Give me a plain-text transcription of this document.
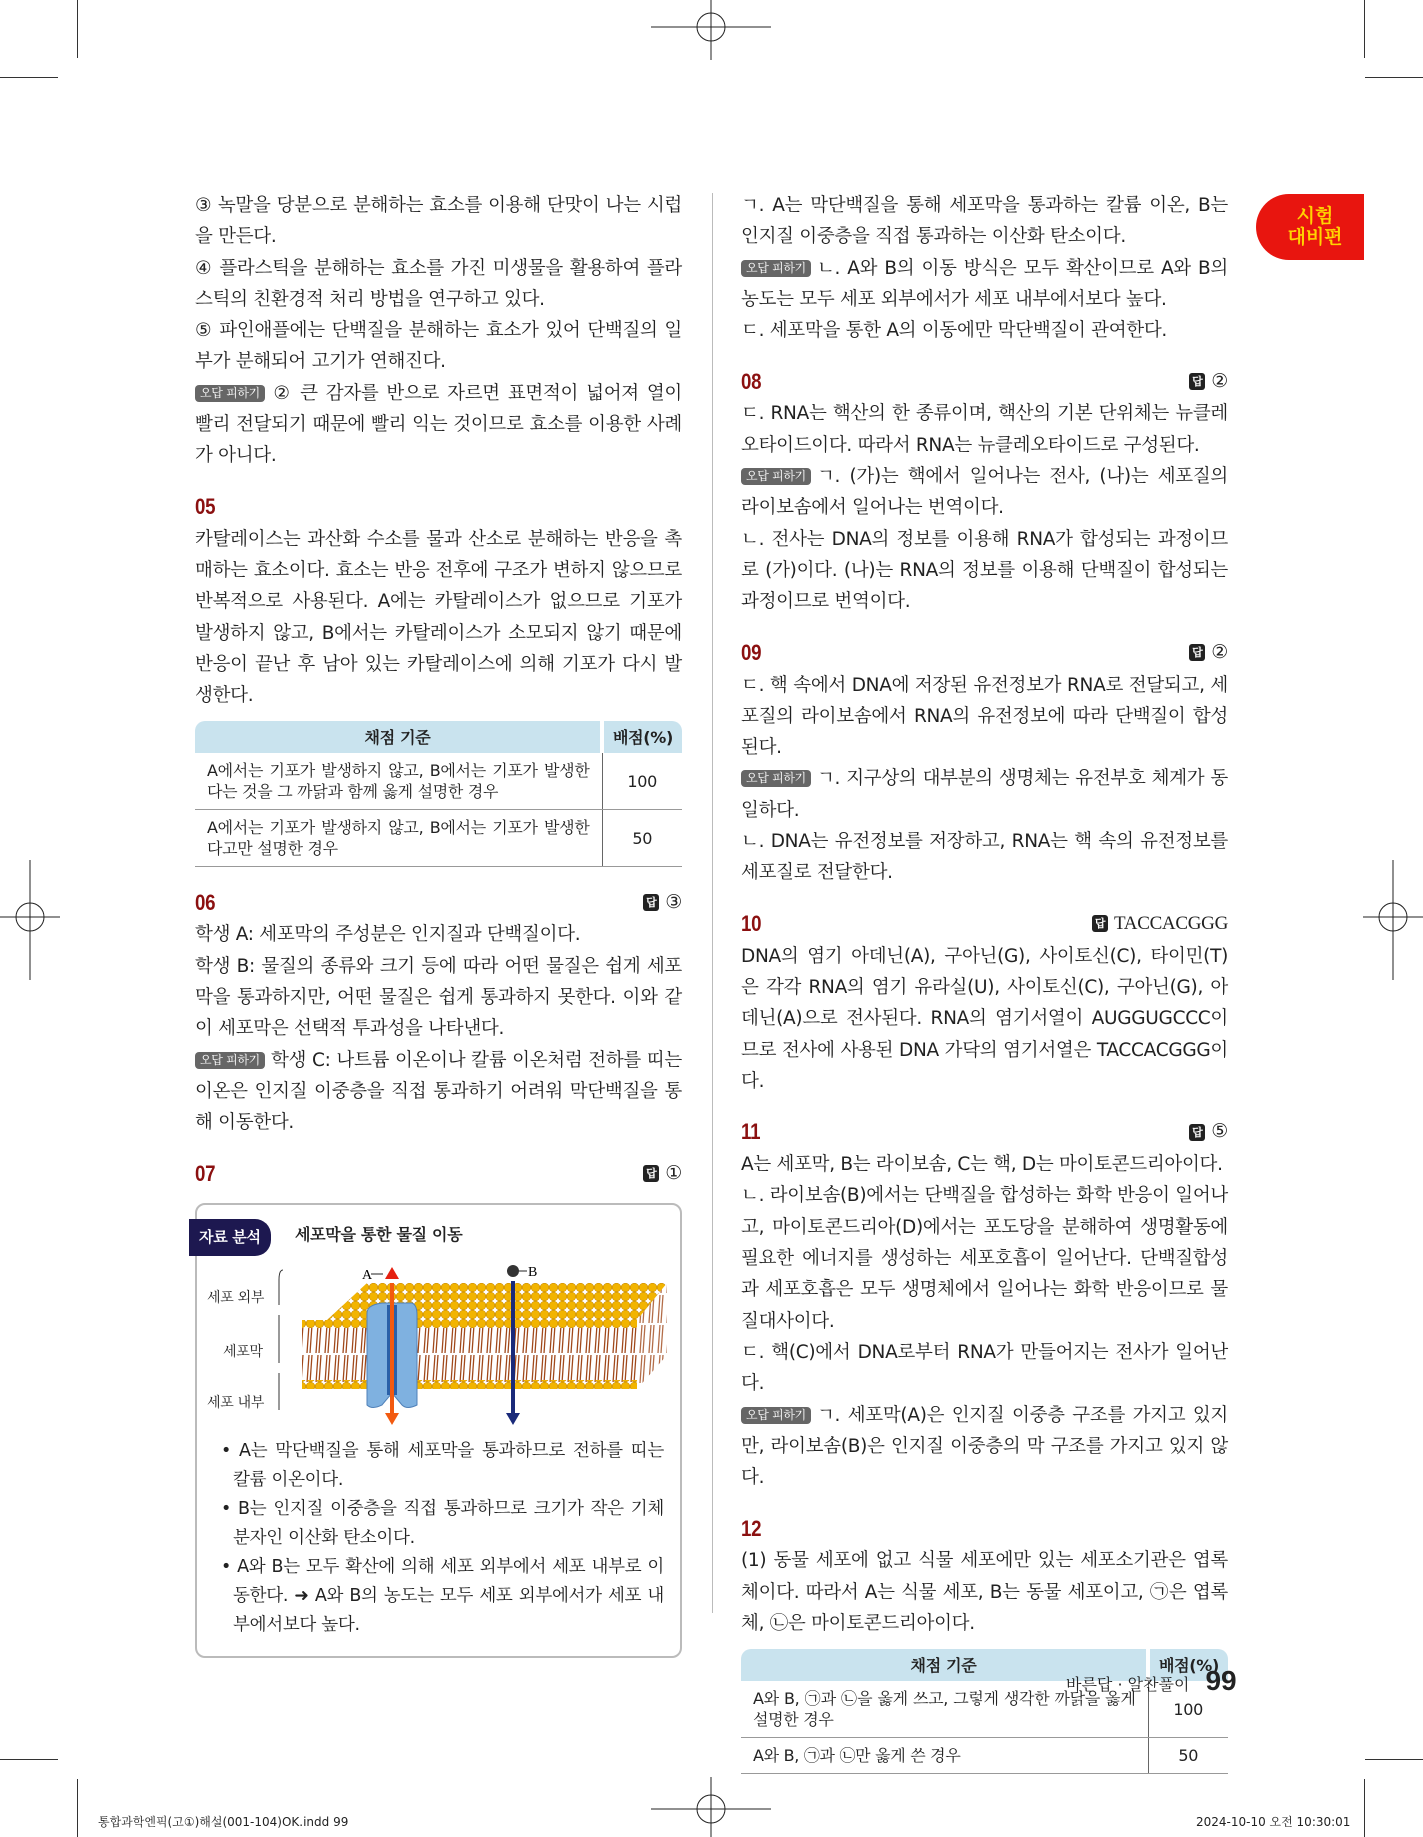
시험
대비편

③ 녹말을 당분으로 분해하는 효소를 이용해 단맛이 나는 시럽을 만든다.

④ 플라스틱을 분해하는 효소를 가진 미생물을 활용하여 플라스틱의 친환경적 처리 방법을 연구하고 있다.

⑤ 파인애플에는 단백질을 분해하는 효소가 있어 단백질의 일부가 분해되어 고기가 연해진다.

오답 피하기 ② 큰 감자를 반으로 자르면 표면적이 넓어져 열이 빨리 전달되기 때문에 빨리 익는 것이므로 효소를 이용한 사례가 아니다.

05

카탈레이스는 과산화 수소를 물과 산소로 분해하는 반응을 촉매하는 효소이다. 효소는 반응 전후에 구조가 변하지 않으므로 반복적으로 사용된다. A에는 카탈레이스가 없으므로 기포가 발생하지 않고, B에서는 카탈레이스가 소모되지 않기 때문에 반응이 끝난 후 남아 있는 카탈레이스에 의해 기포가 다시 발생한다.

채점 기준	배점(%)
A에서는 기포가 발생하지 않고, B에서는 기포가 발생한다는 것을 그 까닭과 함께 옳게 설명한 경우	100
A에서는 기포가 발생하지 않고, B에서는 기포가 발생한다고만 설명한 경우	50
06	답 ③

학생 A: 세포막의 주성분은 인지질과 단백질이다.

학생 B: 물질의 종류와 크기 등에 따라 어떤 물질은 쉽게 세포막을 통과하지만, 어떤 물질은 쉽게 통과하지 못한다. 이와 같이 세포막은 선택적 투과성을 나타낸다.

오답 피하기 학생 C: 나트륨 이온이나 칼륨 이온처럼 전하를 띠는 이온은 인지질 이중층을 직접 통과하기 어려워 막단백질을 통해 이동한다.

07	답 ①
자료 분석	세포막을 통한 물질 이동
세포 외부
세포막
세포 내부
A	B

• A는 막단백질을 통해 세포막을 통과하므로 전하를 띠는 칼륨 이온이다.

• B는 인지질 이중층을 직접 통과하므로 크기가 작은 기체 분자인 이산화 탄소이다.

• A와 B는 모두 확산에 의해 세포 외부에서 세포 내부로 이동한다. ➜ A와 B의 농도는 모두 세포 외부에서가 세포 내부에서보다 높다.

ㄱ. A는 막단백질을 통해 세포막을 통과하는 칼륨 이온, B는 인지질 이중층을 직접 통과하는 이산화 탄소이다.

오답 피하기 ㄴ. A와 B의 이동 방식은 모두 확산이므로 A와 B의 농도는 모두 세포 외부에서가 세포 내부에서보다 높다.

ㄷ. 세포막을 통한 A의 이동에만 막단백질이 관여한다.

08	답 ②

ㄷ. RNA는 핵산의 한 종류이며, 핵산의 기본 단위체는 뉴클레오타이드이다. 따라서 RNA는 뉴클레오타이드로 구성된다.

오답 피하기 ㄱ. (가)는 핵에서 일어나는 전사, (나)는 세포질의 라이보솜에서 일어나는 번역이다.

ㄴ. 전사는 DNA의 정보를 이용해 RNA가 합성되는 과정이므로 (가)이다. (나)는 RNA의 정보를 이용해 단백질이 합성되는 과정이므로 번역이다.

09	답 ②

ㄷ. 핵 속에서 DNA에 저장된 유전정보가 RNA로 전달되고, 세포질의 라이보솜에서 RNA의 유전정보에 따라 단백질이 합성된다.

오답 피하기 ㄱ. 지구상의 대부분의 생명체는 유전부호 체계가 동일하다.

ㄴ. DNA는 유전정보를 저장하고, RNA는 핵 속의 유전정보를 세포질로 전달한다.

10	답 TACCACGGG

DNA의 염기 아데닌(A), 구아닌(G), 사이토신(C), 타이민(T)은 각각 RNA의 염기 유라실(U), 사이토신(C), 구아닌(G), 아데닌(A)으로 전사된다. RNA의 염기서열이 AUGGUGCCC이므로 전사에 사용된 DNA 가닥의 염기서열은 TACCACGGG이다.

11	답 ⑤

A는 세포막, B는 라이보솜, C는 핵, D는 마이토콘드리아이다.

ㄴ. 라이보솜(B)에서는 단백질을 합성하는 화학 반응이 일어나고, 마이토콘드리아(D)에서는 포도당을 분해하여 생명활동에 필요한 에너지를 생성하는 세포호흡이 일어난다. 단백질합성과 세포호흡은 모두 생명체에서 일어나는 화학 반응이므로 물질대사이다.

ㄷ. 핵(C)에서 DNA로부터 RNA가 만들어지는 전사가 일어난다.

오답 피하기 ㄱ. 세포막(A)은 인지질 이중층 구조를 가지고 있지만, 라이보솜(B)은 인지질 이중층의 막 구조를 가지고 있지 않다.

12

(1) 동물 세포에 없고 식물 세포에만 있는 세포소기관은 엽록체이다. 따라서 A는 식물 세포, B는 동물 세포이고, ㉠은 엽록체, ㉡은 마이토콘드리아이다.

채점 기준	배점(%)
A와 B, ㉠과 ㉡을 옳게 쓰고, 그렇게 생각한 까닭을 옳게 설명한 경우	100
A와 B, ㉠과 ㉡만 옳게 쓴 경우	50
바른답 · 알찬풀이 99
통합과학엔픽(고①)해설(001-104)OK.indd 99	2024-10-10 오전 10:30:01
